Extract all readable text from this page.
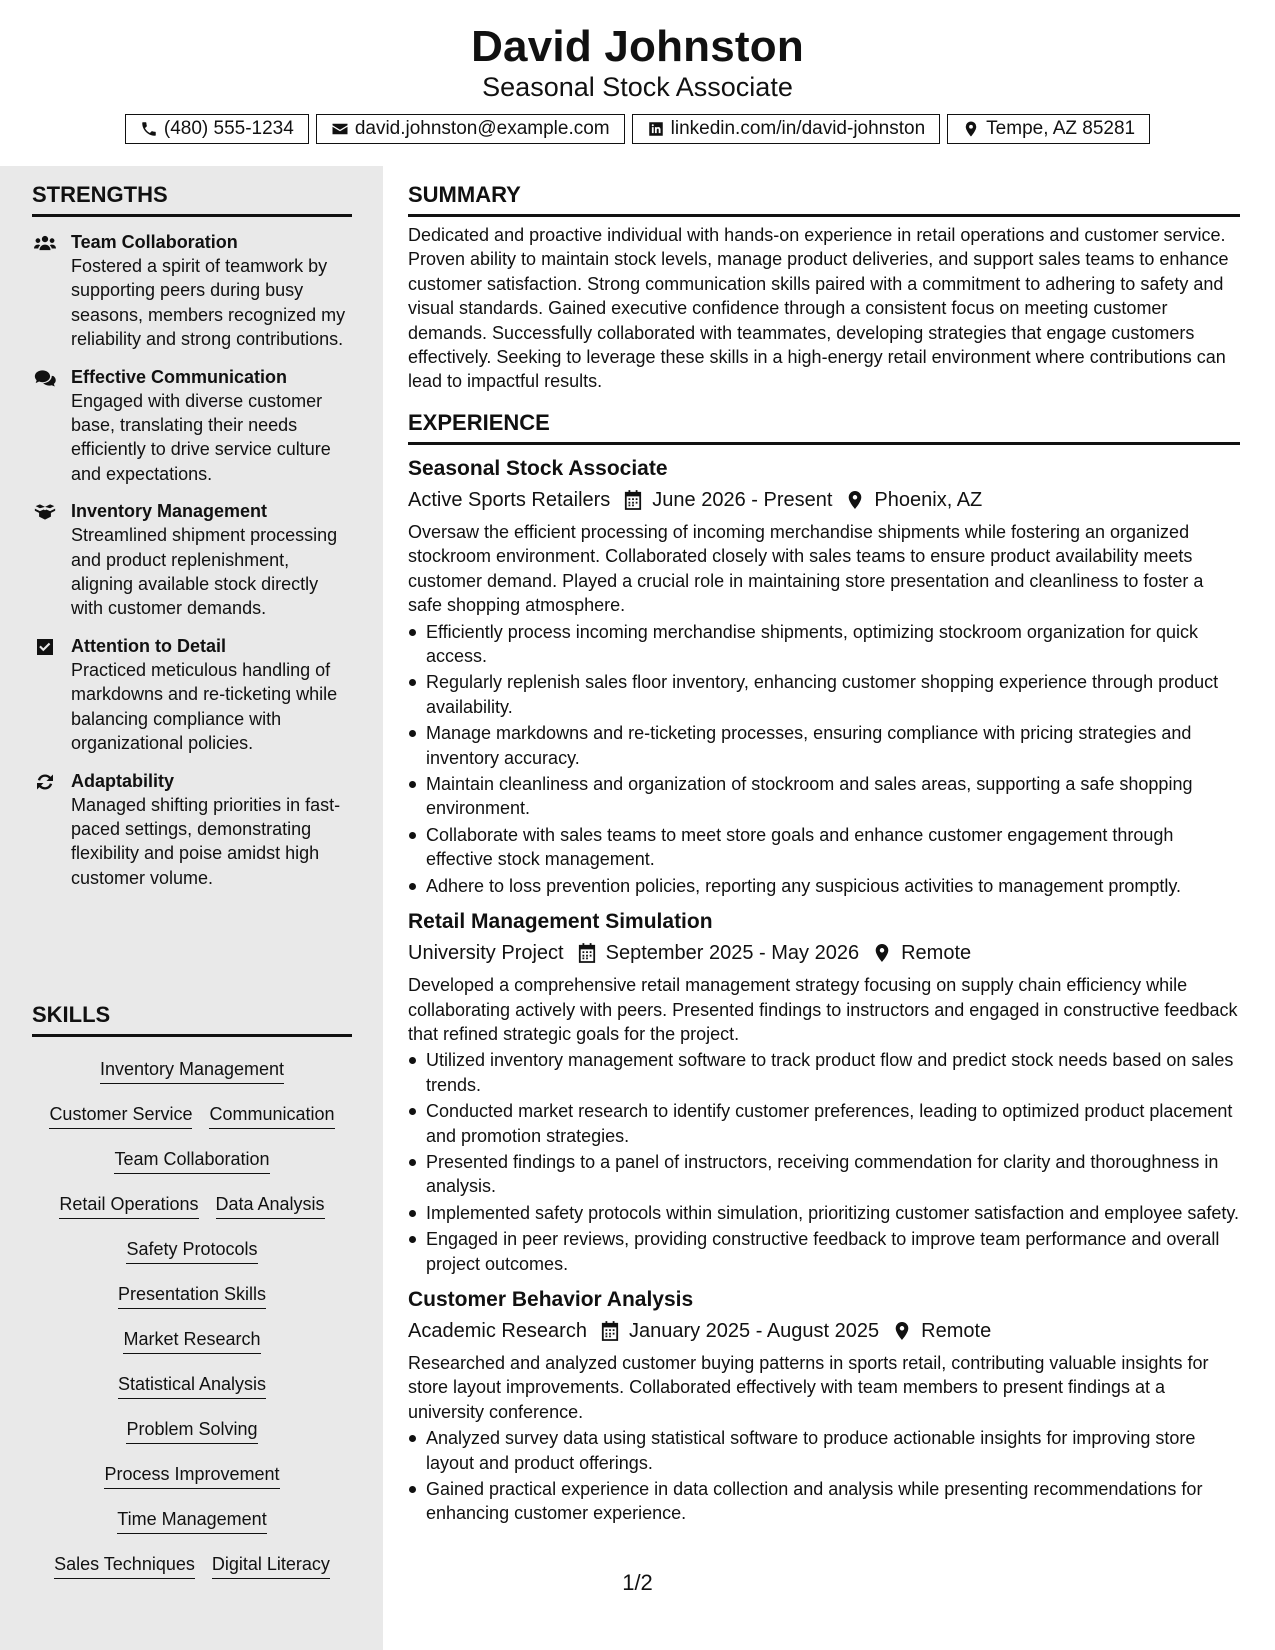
David Johnston
Seasonal Stock Associate
(480) 555-1234	david.johnston@example.com	linkedin.com/in/david-johnston	Tempe, AZ 85281
STRENGTHS
Team Collaboration
Fostered a spirit of teamwork by supporting peers during busy seasons, members recognized my reliability and strong contributions.
Effective Communication
Engaged with diverse customer base, translating their needs efficiently to drive service culture and expectations.
Inventory Management
Streamlined shipment processing and product replenishment, aligning available stock directly with customer demands.
Attention to Detail
Practiced meticulous handling of markdowns and re-ticketing while balancing compliance with organizational policies.
Adaptability
Managed shifting priorities in fast-paced settings, demonstrating flexibility and poise amidst high customer volume.
SKILLS
Inventory Management
Customer Service Communication
Team Collaboration
Retail Operations Data Analysis
Safety Protocols
Presentation Skills
Market Research
Statistical Analysis
Problem Solving
Process Improvement
Time Management
Sales Techniques Digital Literacy
SUMMARY

Dedicated and proactive individual with hands-on experience in retail operations and customer service. Proven ability to maintain stock levels, manage product deliveries, and support sales teams to enhance customer satisfaction. Strong communication skills paired with a commitment to adhering to safety and visual standards. Gained executive confidence through a consistent focus on meeting customer demands. Successfully collaborated with teammates, developing strategies that engage customers effectively. Seeking to leverage these skills in a high-energy retail environment where contributions can lead to impactful results.

EXPERIENCE
Seasonal Stock Associate
Active Sports Retailers June 2026 - Present Phoenix, AZ
Oversaw the efficient processing of incoming merchandise shipments while fostering an organized stockroom environment. Collaborated closely with sales teams to ensure product availability meets customer demand. Played a crucial role in maintaining store presentation and cleanliness to foster a safe shopping atmosphere.
Efficiently process incoming merchandise shipments, optimizing stockroom organization for quick access.
Regularly replenish sales floor inventory, enhancing customer shopping experience through product availability.
Manage markdowns and re-ticketing processes, ensuring compliance with pricing strategies and inventory accuracy.
Maintain cleanliness and organization of stockroom and sales areas, supporting a safe shopping environment.
Collaborate with sales teams to meet store goals and enhance customer engagement through effective stock management.
Adhere to loss prevention policies, reporting any suspicious activities to management promptly.
Retail Management Simulation
University Project September 2025 - May 2026 Remote
Developed a comprehensive retail management strategy focusing on supply chain efficiency while collaborating actively with peers. Presented findings to instructors and engaged in constructive feedback that refined strategic goals for the project.
Utilized inventory management software to track product flow and predict stock needs based on sales trends.
Conducted market research to identify customer preferences, leading to optimized product placement and promotion strategies.
Presented findings to a panel of instructors, receiving commendation for clarity and thoroughness in analysis.
Implemented safety protocols within simulation, prioritizing customer satisfaction and employee safety.
Engaged in peer reviews, providing constructive feedback to improve team performance and overall project outcomes.
Customer Behavior Analysis
Academic Research January 2025 - August 2025 Remote
Researched and analyzed customer buying patterns in sports retail, contributing valuable insights for store layout improvements. Collaborated effectively with team members to present findings at a university conference.
Analyzed survey data using statistical software to produce actionable insights for improving store layout and product offerings.
Gained practical experience in data collection and analysis while presenting recommendations for enhancing customer experience.
1/2
